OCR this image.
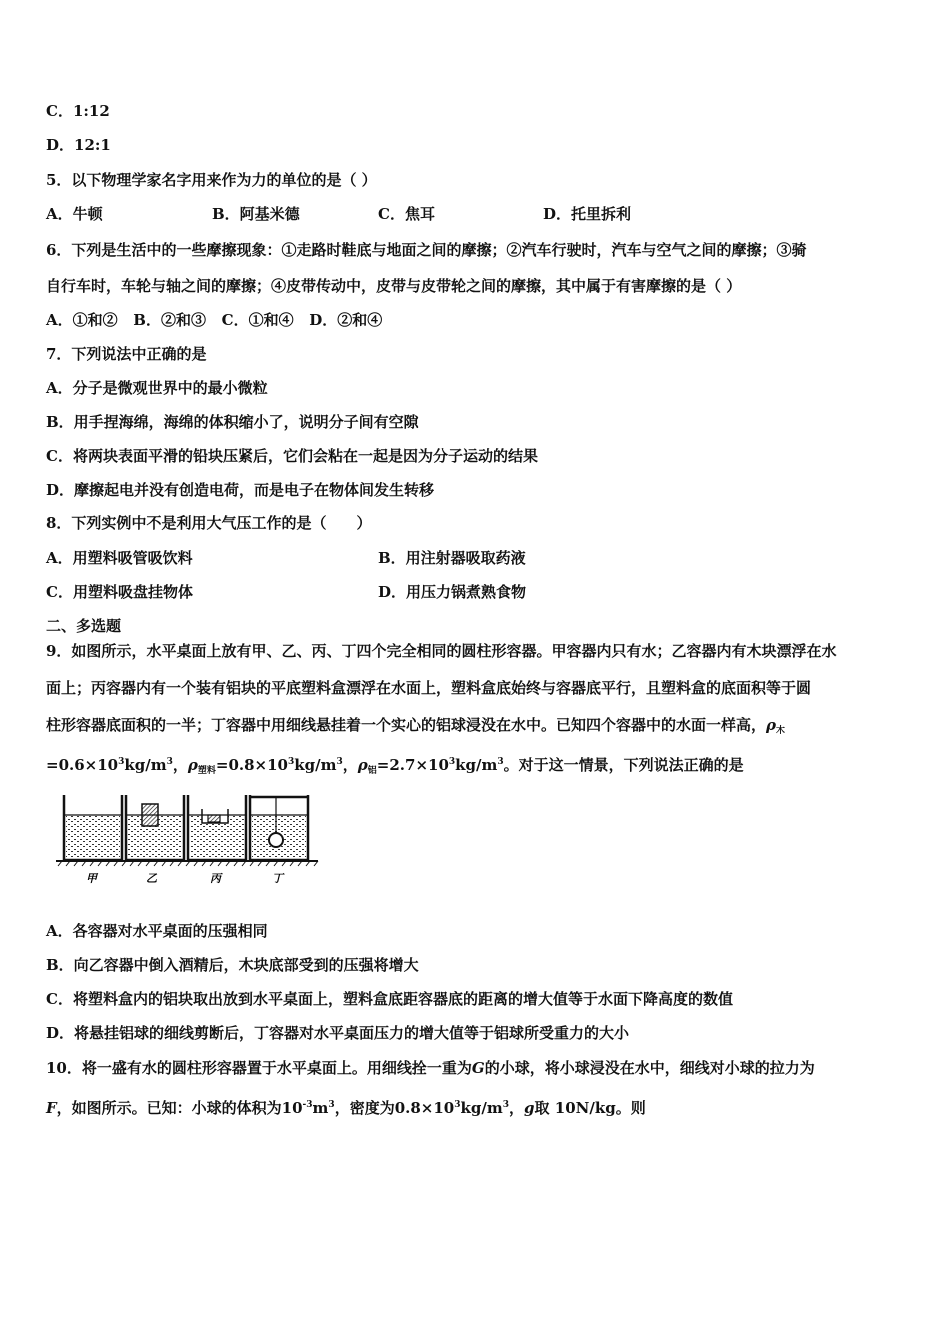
C．1:12
D．12:1
5．以下物理学家名字用来作为力的单位的是（ ）
A．牛顿	B．阿基米德	C．焦耳	D．托里拆利
6．下列是生活中的一些摩擦现象：①走路时鞋底与地面之间的摩擦；②汽车行驶时，汽车与空气之间的摩擦；③骑
自行车时，车轮与轴之间的摩擦；④皮带传动中，皮带与皮带轮之间的摩擦，其中属于有害摩擦的是（ ）
A．①和②   B．②和③   C．①和④   D．②和④
7．下列说法中正确的是
A．分子是微观世界中的最小微粒
B．用手捏海绵，海绵的体积缩小了，说明分子间有空隙
C．将两块表面平滑的铅块压紧后，它们会粘在一起是因为分子运动的结果
D．摩擦起电并没有创造电荷，而是电子在物体间发生转移
8．下列实例中不是利用大气压工作的是（　　）
A．用塑料吸管吸饮料	B．用注射器吸取药液
C．用塑料吸盘挂物体	D．用压力锅煮熟食物
二、多选题
9．如图所示，水平桌面上放有甲、乙、丙、丁四个完全相同的圆柱形容器。甲容器内只有水；乙容器内有木块漂浮在水
面上；丙容器内有一个装有铝块的平底塑料盒漂浮在水面上，塑料盒底始终与容器底平行，且塑料盒的底面积等于圆
柱形容器底面积的一半；丁容器中用细线悬挂着一个实心的铝球浸没在水中。已知四个容器中的水面一样高，$\rho_木$
$=0.6\times 10^3kg/m^3$，$\rho_{塑料}=0.8\times 10^3kg/m^3$，$\rho_铝=2.7\times 10^3kg/m^3$。对于这一情景，下列说法正确的是
甲	乙	丙	丁
A．各容器对水平桌面的压强相同
B．向乙容器中倒入酒精后，木块底部受到的压强将增大
C．将塑料盒内的铝块取出放到水平桌面上，塑料盒底距容器底的距离的增大值等于水面下降高度的数值
D．将悬挂铝球的细线剪断后，丁容器对水平桌面压力的增大值等于铝球所受重力的大小
10．将一盛有水的圆柱形容器置于水平桌面上。用细线拴一重为G的小球，将小球浸没在水中，细线对小球的拉力为
F，如图所示。已知：小球的体积为$10^{-3}m^3$，密度为$0.8\times 10^3kg/m^3$，g取 10N/kg。则
